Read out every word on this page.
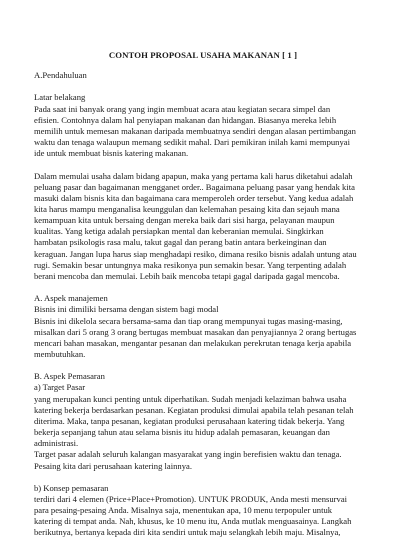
CONTOH PROPOSAL USAHA MAKANAN [ 1 ]
A.Pendahuluan
Latar belakang
Pada saat ini banyak orang yang ingin membuat acara atau kegiatan secara simpel dan
efisien. Contohnya dalam hal penyiapan makanan dan hidangan. Biasanya mereka lebih
memilih untuk memesan makanan daripada membuatnya sendiri dengan alasan pertimbangan
waktu dan tenaga walaupun memang sedikit mahal. Dari pemikiran inilah kami mempunyai
ide untuk membuat bisnis katering makanan.
Dalam memulai usaha dalam bidang apapun, maka yang pertama kali harus diketahui adalah
peluang pasar dan bagaimanan mengganet order.. Bagaimana peluang pasar yang hendak kita
masuki dalam bisnis kita dan bagaimana cara memperoleh order tersebut. Yang kedua adalah
kita harus mampu menganalisa keunggulan dan kelemahan pesaing kita dan sejauh mana
kemampuan kita untuk bersaing dengan mereka baik dari sisi harga, pelayanan maupun
kualitas. Yang ketiga adalah persiapkan mental dan keberanian memulai. Singkirkan
hambatan psikologis rasa malu, takut gagal dan perang batin antara berkeinginan dan
keraguan. Jangan lupa harus siap menghadapi resiko, dimana resiko bisnis adalah untung atau
rugi. Semakin besar untungnya maka resikonya pun semakin besar. Yang terpenting adalah
berani mencoba dan memulai. Lebih baik mencoba tetapi gagal daripada gagal mencoba.
A. Aspek manajemen
Bisnis ini dimiliki bersama dengan sistem bagi modal
Bisnis ini dikelola secara bersama-sama dan tiap orang mempunyai tugas masing-masing,
misalkan dari 5 orang 3 orang bertugas membuat masakan dan penyajiannya 2 orang bertugas
mencari bahan masakan, mengantar pesanan dan melakukan perekrutan tenaga kerja apabila
membutuhkan.
B. Aspek Pemasaran
a) Target Pasar
yang merupakan kunci penting untuk diperhatikan. Sudah menjadi kelaziman bahwa usaha
katering bekerja berdasarkan pesanan. Kegiatan produksi dimulai apabila telah pesanan telah
diterima. Maka, tanpa pesanan, kegiatan produksi perusahaan katering tidak bekerja. Yang
bekerja sepanjang tahun atau selama bisnis itu hidup adalah pemasaran, keuangan dan
administrasi.
Target pasar adalah seluruh kalangan masyarakat yang ingin berefisien waktu dan tenaga.
Pesaing kita dari perusahaan katering lainnya.
b) Konsep pemasaran
terdiri dari 4 elemen (Price+Place+Promotion). UNTUK PRODUK, Anda mesti mensurvai
para pesaing-pesaing Anda. Misalnya saja, menentukan apa, 10 menu terpopuler untuk
katering di tempat anda. Nah, khusus, ke 10 menu itu, Anda mutlak menguasainya. Langkah
berikutnya, bertanya kepada diri kita sendiri untuk maju selangkah lebih maju. Misalnya,
